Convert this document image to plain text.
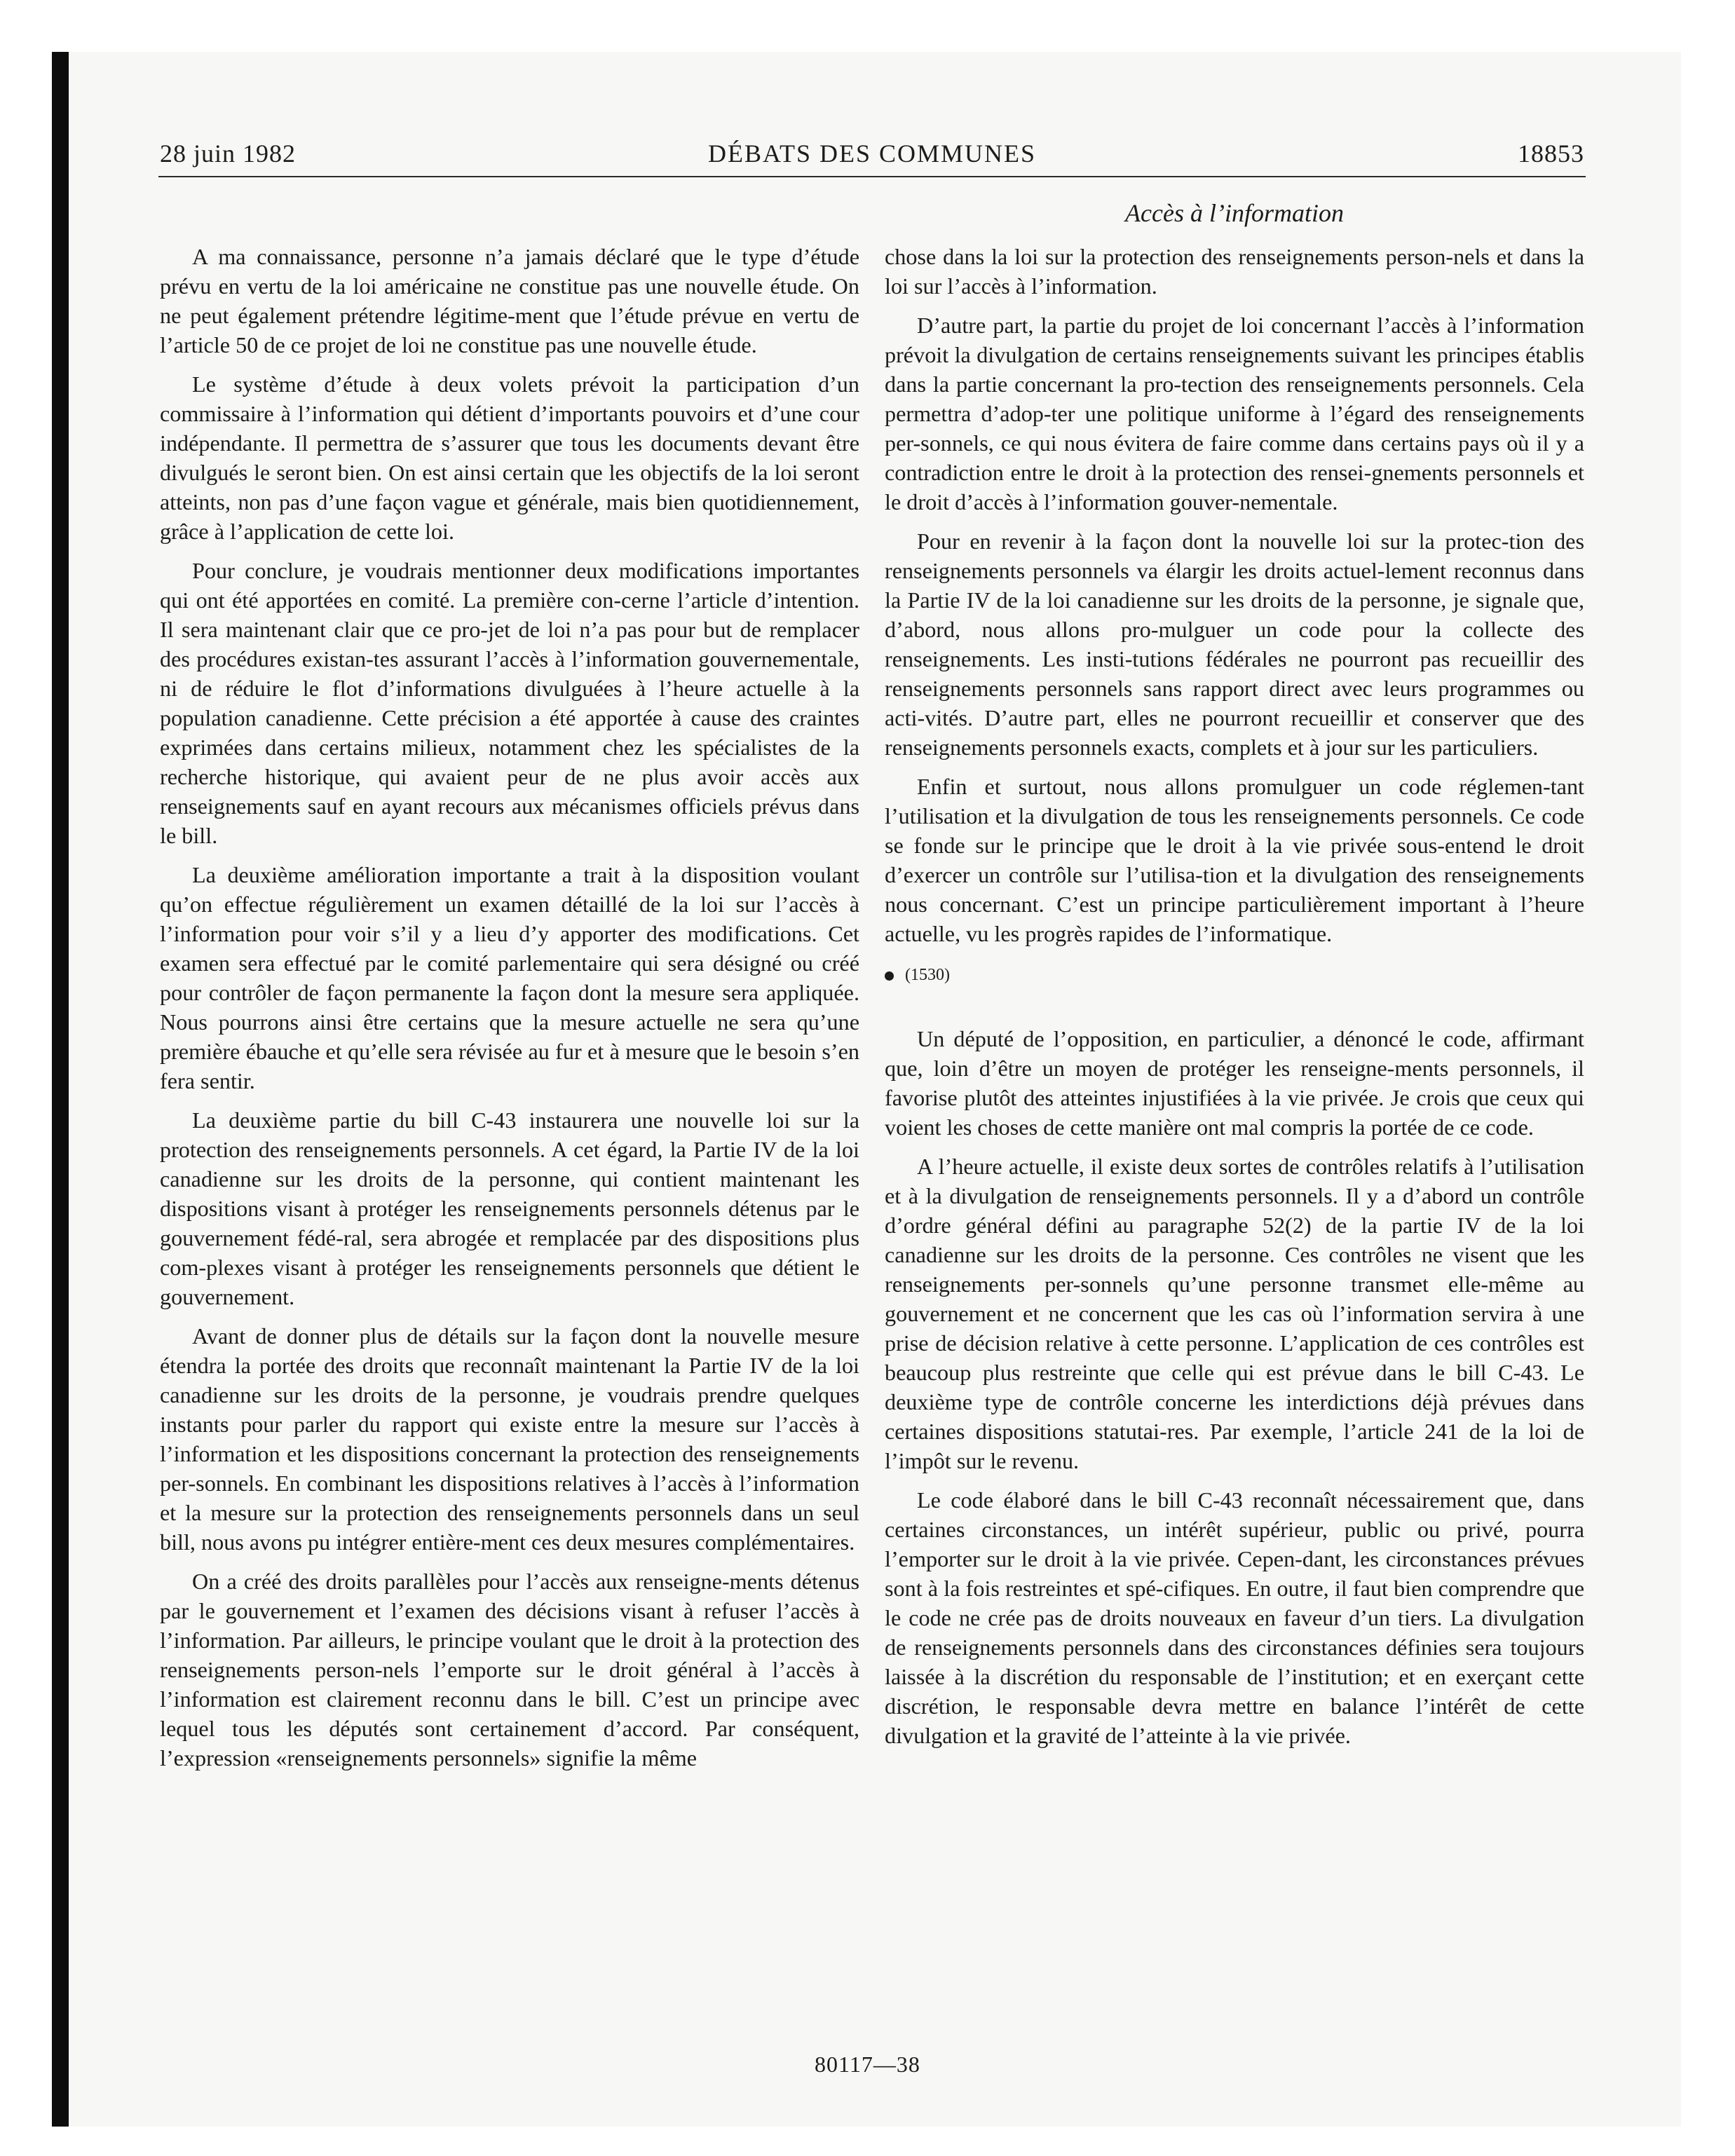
28 juin 1982	DÉBATS DES COMMUNES	18853
Accès à l’information

A ma connaissance, personne n’a jamais déclaré que le type d’étude prévu en vertu de la loi américaine ne constitue pas une nouvelle étude. On ne peut également prétendre légitime-ment que l’étude prévue en vertu de l’article 50 de ce projet de loi ne constitue pas une nouvelle étude.

Le système d’étude à deux volets prévoit la participation d’un commissaire à l’information qui détient d’importants pouvoirs et d’une cour indépendante. Il permettra de s’assurer que tous les documents devant être divulgués le seront bien. On est ainsi certain que les objectifs de la loi seront atteints, non pas d’une façon vague et générale, mais bien quotidiennement, grâce à l’application de cette loi.

Pour conclure, je voudrais mentionner deux modifications importantes qui ont été apportées en comité. La première con-cerne l’article d’intention. Il sera maintenant clair que ce pro-jet de loi n’a pas pour but de remplacer des procédures existan-tes assurant l’accès à l’information gouvernementale, ni de réduire le flot d’informations divulguées à l’heure actuelle à la population canadienne. Cette précision a été apportée à cause des craintes exprimées dans certains milieux, notamment chez les spécialistes de la recherche historique, qui avaient peur de ne plus avoir accès aux renseignements sauf en ayant recours aux mécanismes officiels prévus dans le bill.

La deuxième amélioration importante a trait à la disposition voulant qu’on effectue régulièrement un examen détaillé de la loi sur l’accès à l’information pour voir s’il y a lieu d’y apporter des modifications. Cet examen sera effectué par le comité parlementaire qui sera désigné ou créé pour contrôler de façon permanente la façon dont la mesure sera appliquée. Nous pourrons ainsi être certains que la mesure actuelle ne sera qu’une première ébauche et qu’elle sera révisée au fur et à mesure que le besoin s’en fera sentir.

La deuxième partie du bill C-43 instaurera une nouvelle loi sur la protection des renseignements personnels. A cet égard, la Partie IV de la loi canadienne sur les droits de la personne, qui contient maintenant les dispositions visant à protéger les renseignements personnels détenus par le gouvernement fédé-ral, sera abrogée et remplacée par des dispositions plus com-plexes visant à protéger les renseignements personnels que détient le gouvernement.

Avant de donner plus de détails sur la façon dont la nouvelle mesure étendra la portée des droits que reconnaît maintenant la Partie IV de la loi canadienne sur les droits de la personne, je voudrais prendre quelques instants pour parler du rapport qui existe entre la mesure sur l’accès à l’information et les dispositions concernant la protection des renseignements per-sonnels. En combinant les dispositions relatives à l’accès à l’information et la mesure sur la protection des renseignements personnels dans un seul bill, nous avons pu intégrer entière-ment ces deux mesures complémentaires.

On a créé des droits parallèles pour l’accès aux renseigne-ments détenus par le gouvernement et l’examen des décisions visant à refuser l’accès à l’information. Par ailleurs, le principe voulant que le droit à la protection des renseignements person-nels l’emporte sur le droit général à l’accès à l’information est clairement reconnu dans le bill. C’est un principe avec lequel tous les députés sont certainement d’accord. Par conséquent, l’expression «renseignements personnels» signifie la même

chose dans la loi sur la protection des renseignements person-nels et dans la loi sur l’accès à l’information.

D’autre part, la partie du projet de loi concernant l’accès à l’information prévoit la divulgation de certains renseignements suivant les principes établis dans la partie concernant la pro-tection des renseignements personnels. Cela permettra d’adop-ter une politique uniforme à l’égard des renseignements per-sonnels, ce qui nous évitera de faire comme dans certains pays où il y a contradiction entre le droit à la protection des rensei-gnements personnels et le droit d’accès à l’information gouver-nementale.

Pour en revenir à la façon dont la nouvelle loi sur la protec-tion des renseignements personnels va élargir les droits actuel-lement reconnus dans la Partie IV de la loi canadienne sur les droits de la personne, je signale que, d’abord, nous allons pro-mulguer un code pour la collecte des renseignements. Les insti-tutions fédérales ne pourront pas recueillir des renseignements personnels sans rapport direct avec leurs programmes ou acti-vités. D’autre part, elles ne pourront recueillir et conserver que des renseignements personnels exacts, complets et à jour sur les particuliers.

Enfin et surtout, nous allons promulguer un code réglemen-tant l’utilisation et la divulgation de tous les renseignements personnels. Ce code se fonde sur le principe que le droit à la vie privée sous-entend le droit d’exercer un contrôle sur l’utilisa-tion et la divulgation des renseignements nous concernant. C’est un principe particulièrement important à l’heure actuelle, vu les progrès rapides de l’informatique.

(1530)

Un député de l’opposition, en particulier, a dénoncé le code, affirmant que, loin d’être un moyen de protéger les renseigne-ments personnels, il favorise plutôt des atteintes injustifiées à la vie privée. Je crois que ceux qui voient les choses de cette manière ont mal compris la portée de ce code.

A l’heure actuelle, il existe deux sortes de contrôles relatifs à l’utilisation et à la divulgation de renseignements personnels. Il y a d’abord un contrôle d’ordre général défini au paragraphe 52(2) de la partie IV de la loi canadienne sur les droits de la personne. Ces contrôles ne visent que les renseignements per-sonnels qu’une personne transmet elle-même au gouvernement et ne concernent que les cas où l’information servira à une prise de décision relative à cette personne. L’application de ces contrôles est beaucoup plus restreinte que celle qui est prévue dans le bill C-43. Le deuxième type de contrôle concerne les interdictions déjà prévues dans certaines dispositions statutai-res. Par exemple, l’article 241 de la loi de l’impôt sur le revenu.

Le code élaboré dans le bill C-43 reconnaît nécessairement que, dans certaines circonstances, un intérêt supérieur, public ou privé, pourra l’emporter sur le droit à la vie privée. Cepen-dant, les circonstances prévues sont à la fois restreintes et spé-cifiques. En outre, il faut bien comprendre que le code ne crée pas de droits nouveaux en faveur d’un tiers. La divulgation de renseignements personnels dans des circonstances définies sera toujours laissée à la discrétion du responsable de l’institution; et en exerçant cette discrétion, le responsable devra mettre en balance l’intérêt de cette divulgation et la gravité de l’atteinte à la vie privée.

80117—38
